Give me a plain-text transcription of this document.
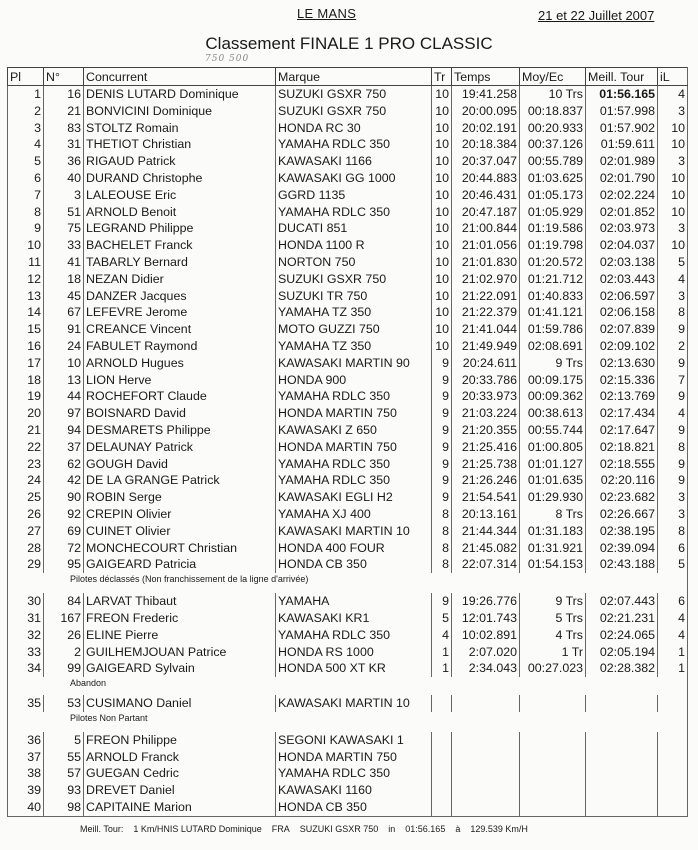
LE MANS	21 et 22 Juillet 2007
Classement FINALE 1 PRO CLASSIC
750 500
Pl	N°	Concurrent	Marque	Tr	Temps	Moy/Ec	Meill. Tour	iL
1	16	DENIS LUTARD Dominique	SUZUKI GSXR 750	10	19:41.258	10 Trs	01:56.165	4
2	21	BONVICINI Dominique	SUZUKI GSXR 750	10	20:00.095	00:18.837	01:57.998	3
3	83	STOLTZ Romain	HONDA RC 30	10	20:02.191	00:20.933	01:57.902	10
4	31	THETIOT Christian	YAMAHA RDLC 350	10	20:18.384	00:37.126	01:59.611	10
5	36	RIGAUD Patrick	KAWASAKI 1166	10	20:37.047	00:55.789	02:01.989	3
6	40	DURAND Christophe	KAWASAKI GG 1000	10	20:44.883	01:03.625	02:01.790	10
7	3	LALEOUSE Eric	GGRD 1135	10	20:46.431	01:05.173	02:02.224	10
8	51	ARNOLD Benoit	YAMAHA RDLC 350	10	20:47.187	01:05.929	02:01.852	10
9	75	LEGRAND Philippe	DUCATI 851	10	21:00.844	01:19.586	02:03.973	3
10	33	BACHELET Franck	HONDA 1100 R	10	21:01.056	01:19.798	02:04.037	10
11	41	TABARLY Bernard	NORTON 750	10	21:01.830	01:20.572	02:03.138	5
12	18	NEZAN Didier	SUZUKI GSXR 750	10	21:02.970	01:21.712	02:03.443	4
13	45	DANZER Jacques	SUZUKI TR 750	10	21:22.091	01:40.833	02:06.597	3
14	67	LEFEVRE Jerome	YAMAHA TZ 350	10	21:22.379	01:41.121	02:06.158	8
15	91	CREANCE Vincent	MOTO GUZZI 750	10	21:41.044	01:59.786	02:07.839	9
16	24	FABULET Raymond	YAMAHA TZ 350	10	21:49.949	02:08.691	02:09.102	2
17	10	ARNOLD Hugues	KAWASAKI MARTIN 90	9	20:24.611	9 Trs	02:13.630	9
18	13	LION Herve	HONDA 900	9	20:33.786	00:09.175	02:15.336	7
19	44	ROCHEFORT Claude	YAMAHA RDLC 350	9	20:33.973	00:09.362	02:13.769	9
20	97	BOISNARD David	HONDA MARTIN 750	9	21:03.224	00:38.613	02:17.434	4
21	94	DESMARETS Philippe	KAWASAKI Z 650	9	21:20.355	00:55.744	02:17.647	9
22	37	DELAUNAY Patrick	HONDA MARTIN 750	9	21:25.416	01:00.805	02:18.821	8
23	62	GOUGH David	YAMAHA RDLC 350	9	21:25.738	01:01.127	02:18.555	9
24	42	DE LA GRANGE Patrick	YAMAHA RDLC 350	9	21:26.246	01:01.635	02:20.116	9
25	90	ROBIN Serge	KAWASAKI EGLI H2	9	21:54.541	01:29.930	02:23.682	3
26	92	CREPIN Olivier	YAMAHA XJ 400	8	20:13.161	8 Trs	02:26.667	3
27	69	CUINET Olivier	KAWASAKI MARTIN 10	8	21:44.344	01:31.183	02:38.195	8
28	72	MONCHECOURT Christian	HONDA 400 FOUR	8	21:45.082	01:31.921	02:39.094	6
29	95	GAIGEARD Patricia	HONDA CB 350	8	22:07.314	01:54.153	02:43.188	5
Pilotes déclassés (Non franchissement de la ligne d'arrivée)								

30	84	LARVAT Thibaut	YAMAHA	9	19:26.776	9 Trs	02:07.443	6
31	167	FREON Frederic	KAWASAKI KR1	5	12:01.743	5 Trs	02:21.231	4
32	26	ELINE Pierre	YAMAHA RDLC 350	4	10:02.891	4 Trs	02:24.065	4
33	2	GUILHEMJOUAN Patrice	HONDA RS 1000	1	2:07.020	1 Tr	02:05.194	1
34	99	GAIGEARD Sylvain	HONDA 500 XT KR	1	2:34.043	00:27.023	02:28.382	1
Abandon								

35	53	CUSIMANO Daniel	KAWASAKI MARTIN 10					
Pilotes Non Partant								

36	5	FREON Philippe	SEGONI KAWASAKI 1					
37	55	ARNOLD Franck	HONDA MARTIN 750					
38	57	GUEGAN Cedric	YAMAHA RDLC 350					
39	93	DREVET Daniel	KAWASAKI 1160					
40	98	CAPITAINE Marion	HONDA CB 350					
Meill. Tour: 1 Km/HNIS LUTARD Dominique FRA SUZUKI GSXR 750 in 01:56.165 à 129.539 Km/H
